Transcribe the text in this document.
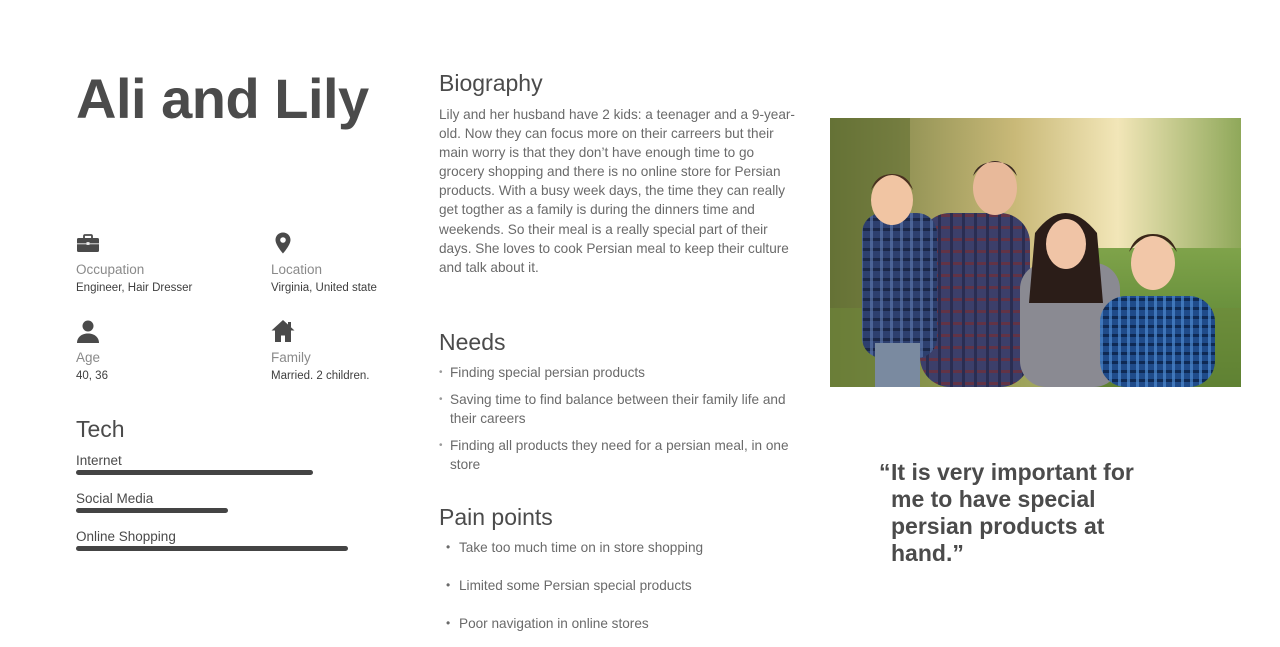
Ali and Lily
Occupation
Engineer, Hair Dresser
Location
Virginia, United state
Age
40, 36
Family
Married. 2 children.
Tech
Internet
Social Media
Online Shopping
Biography

Lily and her husband have 2 kids: a teenager and a 9-year-old. Now they can focus more on their carreers but their main worry is that they don’t have enough time to go grocery shopping and there is no online store for Persian products. With a busy week days, the time they can really get togther as a family is during the dinners time and weekends. So their meal is a really special part of their days. She loves to cook Persian meal to keep their culture and talk about it.

Needs
• Finding special persian products
• Saving time to find balance between their family life and their careers
• Finding all products they need for a persian meal, in one store
Pain points
• Take too much time on in store shopping
• Limited some Persian special products
• Poor navigation in online stores
“ It is very important for me to have special persian products at hand.”
